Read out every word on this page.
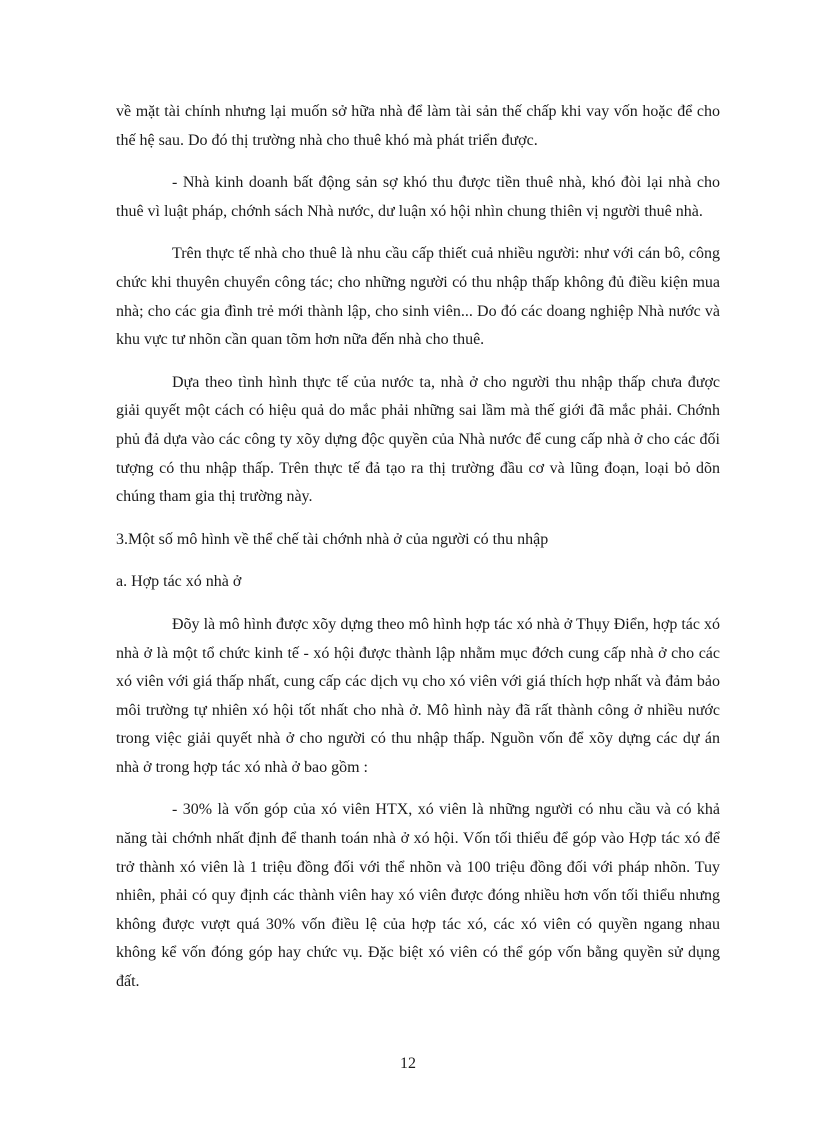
về mặt tài chính nhưng lại muốn sở hữa nhà để làm tài sản thế chấp khi vay vốn hoặc để cho thế hệ sau. Do đó thị trường nhà cho thuê khó mà phát triển được.

- Nhà kinh doanh bất động sản sợ khó thu được tiền thuê nhà, khó đòi lại nhà cho thuê vì luật pháp, chớnh sách Nhà nước, dư luận xó hội nhìn chung thiên vị người thuê nhà.

Trên thực tế nhà cho thuê là nhu cầu cấp thiết cuả nhiều người: như với cán bô, công chức khi thuyên chuyển công tác; cho những người có thu nhập thấp không đủ điều kiện mua nhà; cho các gia đình trẻ mới thành lập, cho sinh viên... Do đó các doang nghiệp Nhà nước và khu vực tư nhõn cần quan tõm hơn nữa đến nhà cho thuê.

Dựa theo tình hình thực tế của nước ta, nhà ở cho người thu nhập thấp chưa được giải quyết một cách có hiệu quả do mắc phải những sai lầm mà thế giới đã mắc phải. Chớnh phủ đả dựa vào các công ty xõy dựng độc quyền của Nhà nước để cung cấp nhà ở cho các đối tượng có thu nhập thấp. Trên thực tế đả tạo ra thị trường đầu cơ và lũng đoạn, loại bỏ dõn chúng tham gia thị trường này.

3.Một số mô hình về thể chế tài chớnh nhà ở của người có thu nhập

a. Hợp tác xó nhà ở

Đõy là mô hình được xõy dựng theo mô hình hợp tác xó nhà ở Thụy Điển, hợp tác xó nhà ở là một tổ chức kinh tế - xó hội được thành lập nhằm mục đớch cung cấp nhà ở cho các xó viên với giá thấp nhất, cung cấp các dịch vụ cho xó viên với giá thích hợp nhất và đảm bảo môi trường tự nhiên xó hội tốt nhất cho nhà ở. Mô hình này đã rất thành công ở nhiều nước trong việc giải quyết nhà ở cho người có thu nhập thấp. Nguồn vốn để xõy dựng các dự án nhà ở trong hợp tác xó nhà ở bao gồm :

- 30% là vốn góp của xó viên HTX, xó viên là những người có nhu cầu và có khả năng tài chớnh nhất định để thanh toán nhà ở xó hội. Vốn tối thiểu để góp vào Hợp tác xó để trở thành xó viên là 1 triệu đồng đối với thể nhõn và 100 triệu đồng đối với pháp nhõn. Tuy nhiên, phải có quy định các thành viên hay xó viên được đóng nhiều hơn vốn tối thiểu nhưng không được vượt quá 30% vốn điều lệ của hợp tác xó, các xó viên có quyền ngang nhau không kể vốn đóng góp hay chức vụ. Đặc biệt xó viên có thể góp vốn bằng quyền sử dụng đất.

12
